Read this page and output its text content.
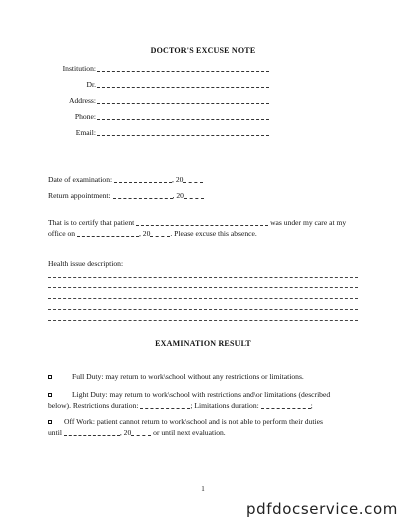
DOCTOR'S EXCUSE NOTE
Institution:
Dr.
Address:
Phone:
Email:
Date of examination:	, 20
Return appointment:	, 20
That is to certify that patient	was under my care at my
office on	, 20	. Please excuse this absence.
Health issue description:
EXAMINATION RESULT
Full Duty: may return to work\school without any restrictions or limitations.
Light Duty: may return to work\school with restrictions and\or limitations (described
below). Restrictions duration:	; Limitations duration:	;
Off Work: patient cannot return to work\school and is not able to perform their duties
until	, 20	or until next evaluation.
1
pdfdocservice.com
